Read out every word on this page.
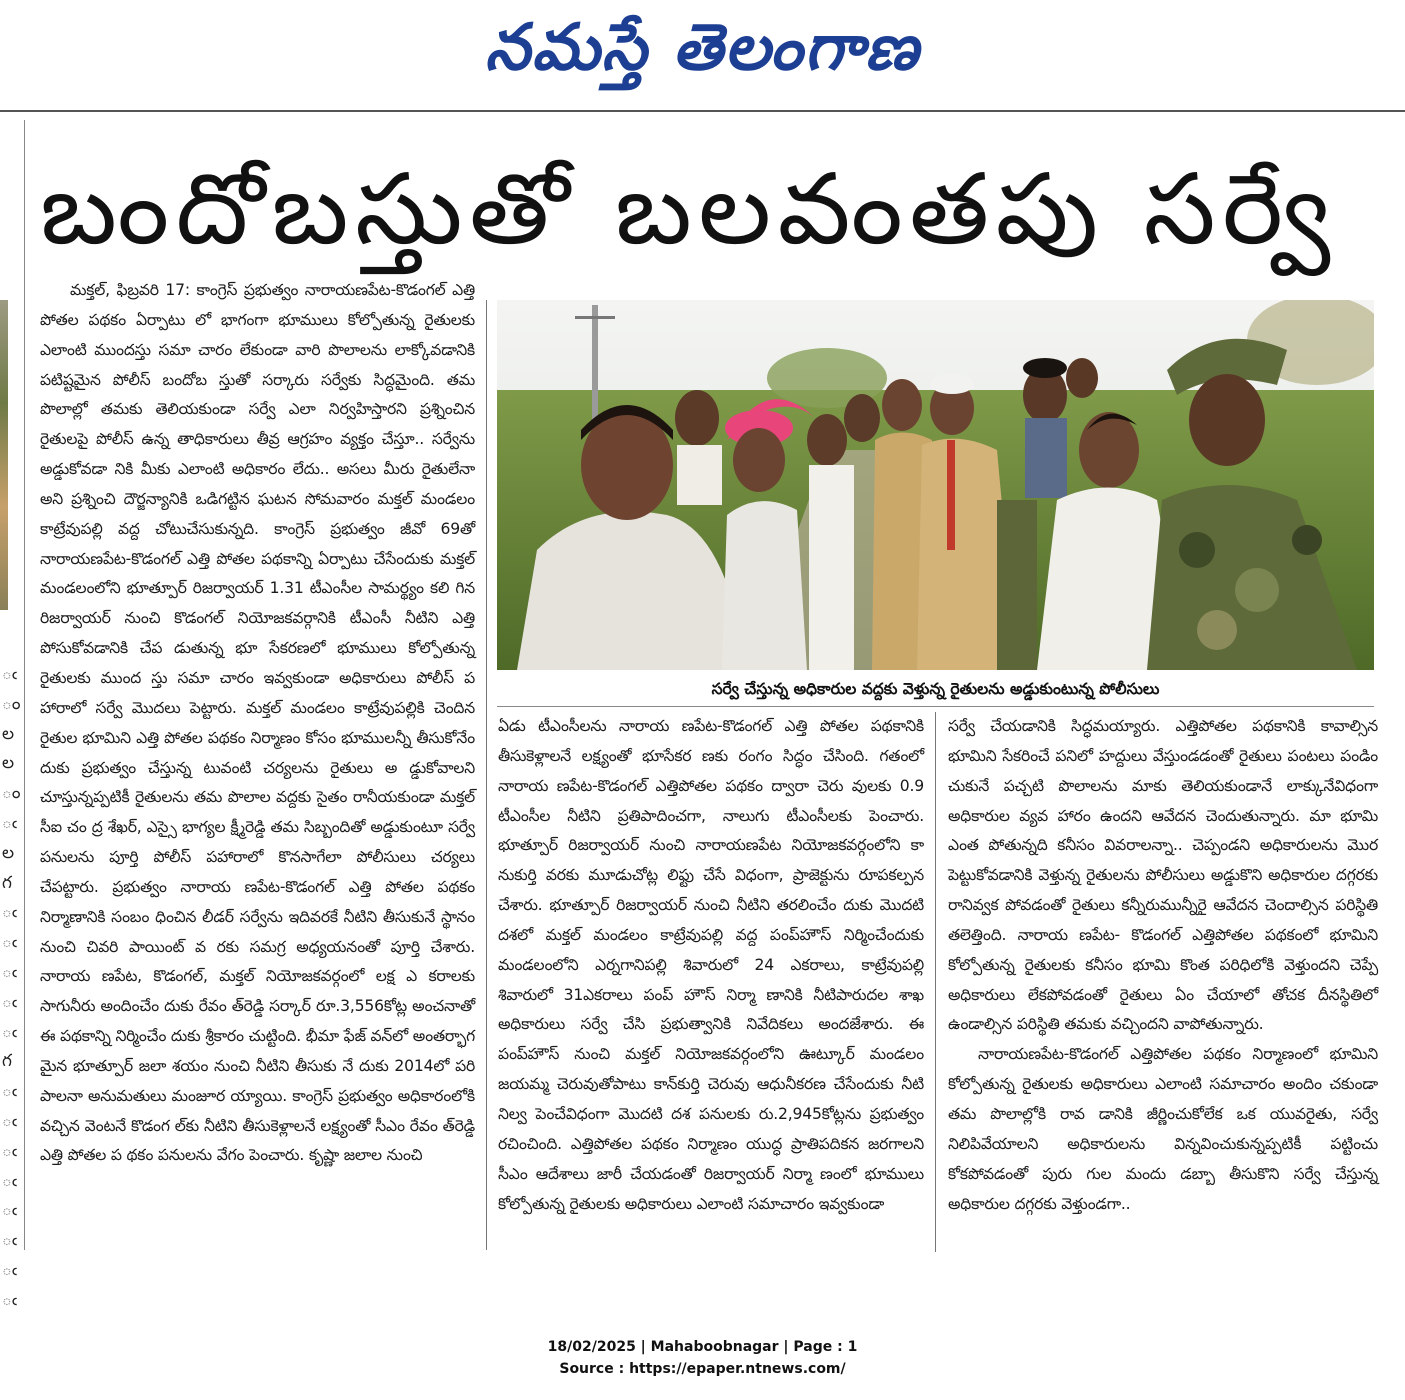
నమస్తే తెలంగాణ
ఁ
ం
ల
ల
ం
ఁ
ల
గ
ఁ
ఁ
ఁ
ఁ
ఁ
గ
ఁ
ఁ
ఁ
ఁ
ఁ
ఁ
ఁ
ఁ
బందోబస్తుతో బలవంతపు సర్వే

మక్తల్, ఫిబ్రవరి 17: కాంగ్రెస్ ప్రభుత్వం నారాయణపేట-కొడంగల్ ఎత్తి పోతల పథకం ఏర్పాటు లో భాగంగా భూములు కోల్పోతున్న రైతులకు ఎలాంటి ముందస్తు సమా చారం లేకుండా వారి పొలాలను లాక్కోవడానికి పటిష్టమైన పోలీస్ బందోబ స్తుతో సర్కారు సర్వేకు సిద్ధమైంది. తమ పొలాల్లో తమకు తెలియకుండా సర్వే ఎలా నిర్వహిస్తారని ప్రశ్నించిన రైతులపై పోలీస్ ఉన్న తాధికారులు తీవ్ర ఆగ్రహం వ్యక్తం చేస్తూ.. సర్వేను అడ్డుకోవడా నికి మీకు ఎలాంటి అధికారం లేదు.. అసలు మీరు రైతులేనా అని ప్రశ్నించి దౌర్జన్యానికి ఒడిగట్టిన ఘటన సోమవారం మక్తల్ మండలం కాట్రేవుపల్లి వద్ద చోటుచేసుకున్నది. కాంగ్రెస్ ప్రభుత్వం జీవో 69తో నారాయణపేట-కొడంగల్ ఎత్తి పోతల పథకాన్ని ఏర్పాటు చేసేందుకు మక్తల్ మండలంలోని భూత్పూర్ రిజర్వాయర్ 1.31 టీఎంసీల సామర్థ్యం కలి గిన రిజర్వాయర్ నుంచి కొడంగల్ నియోజకవర్గానికి టీఎంసీ నీటిని ఎత్తి పోసుకోవడానికి చేప డుతున్న భూ సేకరణలో భూములు కోల్పోతున్న రైతులకు ముంద స్తు సమా చారం ఇవ్వకుండా అధికారులు పోలీస్ ప హారాలో సర్వే మొదలు పెట్టారు. మక్తల్ మండలం కాట్రేవుపల్లికి చెందిన రైతుల భూమిని ఎత్తి పోతల పథకం నిర్మాణం కోసం భూములన్నీ తీసుకోనేం దుకు ప్రభుత్వం చేస్తున్న టువంటి చర్యలను రైతులు అ డ్డుకోవాలని చూస్తున్నప్పటికీ రైతులను తమ పొలాల వద్దకు సైతం రానీయకుండా మక్తల్ సీఐ చం ద్ర శేఖర్, ఎస్సై భాగ్యల క్ష్మీరెడ్డి తమ సిబ్బందితో అడ్డుకుంటూ సర్వే పనులను పూర్తి పోలీస్ పహారాలో కొనసాగేలా పోలీసులు చర్యలు చేపట్టారు. ప్రభుత్వం నారాయ ణపేట-కొడంగల్ ఎత్తి పోతల పథకం నిర్మాణానికి సంబం ధించిన లీడర్ సర్వేను ఇదివరకే నీటిని తీసుకునే స్థానం నుంచి చివరి పాయింట్ వ రకు సమగ్ర అధ్యయనంతో పూర్తి చేశారు. నారాయ ణపేట, కొడంగల్, మక్తల్ నియోజకవర్గంలో లక్ష ఎ కరాలకు సాగునీరు అందించేం దుకు రేవం త్‌రెడ్డి సర్కార్ రూ.3,556కోట్ల అంచనాతో ఈ పథకాన్ని నిర్మించేం దుకు శ్రీకారం చుట్టింది. భీమా ఫేజ్ వన్‌లో అంతర్భాగ మైన భూత్పూర్ జలా శయం నుంచి నీటిని తీసుకు నే దుకు 2014లో పరి పాలనా అనుమతులు మంజూర య్యాయి. కాంగ్రెస్ ప్రభుత్వం అధికారంలోకి వచ్చిన వెంటనే కొడంగ ల్‌కు నీటిని తీసుకెళ్లాలనే లక్ష్యంతో సీఎం రేవం త్‌రెడ్డి ఎత్తి పోతల ప థకం పనులను వేగం పెంచారు. కృష్ణా జలాల నుంచి

సర్వే చేస్తున్న అధికారుల వద్దకు వెళ్తున్న రైతులను అడ్డుకుంటున్న పోలీసులు

ఏడు టీఎంసీలను నారాయ ణపేట-కొడంగల్ ఎత్తి పోతల పథకానికి తీసుకెళ్లాలనే లక్ష్యంతో భూసేకర ణకు రంగం సిద్ధం చేసింది. గతంలో నారాయ ణపేట-కొడంగల్ ఎత్తిపోతల పథకం ద్వారా చెరు వులకు 0.9 టీఎంసీల నీటిని ప్రతిపాదించగా, నాలుగు టీఎంసీలకు పెంచారు. భూత్పూర్ రిజర్వాయర్ నుంచి నారాయణపేట నియోజకవర్గంలోని కా నుకుర్తి వరకు మూడుచోట్ల లిఫ్టు చేసే విధంగా, ప్రాజెక్టును రూపకల్పన చేశారు. భూత్పూర్ రిజర్వాయర్ నుంచి నీటిని తరలించేం దుకు మొదటి దశలో మక్తల్ మండలం కాట్రేవుపల్లి వద్ద పంప్‌హౌస్ నిర్మించేందుకు మండలంలోని ఎర్నగానిపల్లి శివారులో 24 ఎకరాలు, కాట్రేవుపల్లి శివారులో 31ఎకరాలు పంప్ హౌస్ నిర్మా ణానికి నీటిపారుదల శాఖ అధికారులు సర్వే చేసి ప్రభుత్వానికి నివేదికలు అందజేశారు. ఈ పంప్‌హౌస్ నుంచి మక్తల్ నియోజకవర్గంలోని ఊట్కూర్ మండలం జయమ్మ చెరువుతోపాటు కాన్‌కుర్తి చెరువు ఆధునీకరణ చేసేందుకు నీటి నిల్వ పెంచేవిధంగా మొదటి దశ పనులకు రు.2,945కోట్లను ప్రభుత్వం రచించింది. ఎత్తిపోతల పథకం నిర్మాణం యుద్ధ ప్రాతిపదికన జరగాలని సీఎం ఆదేశాలు జారీ చేయడంతో రిజర్వాయర్ నిర్మా ణంలో భూములు కోల్పోతున్న రైతులకు అధికారులు ఎలాంటి సమాచారం ఇవ్వకుండా

సర్వే చేయడానికి సిద్ధమయ్యారు. ఎత్తిపోతల పథకానికి కావాల్సిన భూమిని సేకరించే పనిలో హద్దులు వేస్తుండడంతో రైతులు పంటలు పండిం చుకునే పచ్చటి పొలాలను మాకు తెలియకుండానే లాక్కునేవిధంగా అధికారుల వ్యవ హారం ఉందని ఆవేదన చెందుతున్నారు. మా భూమి ఎంత పోతున్నది కనీసం వివరాలన్నా.. చెప్పండని అధికారులను మొర పెట్టుకోవడానికి వెళ్తున్న రైతులను పోలీసులు అడ్డుకొని అధికారుల దగ్గరకు రానివ్వక పోవడంతో రైతులు కన్నీరుమున్నీరై ఆవేదన చెందాల్సిన పరిస్థితి తలెత్తింది. నారాయ ణపేట- కొడంగల్ ఎత్తిపోతల పథకంలో భూమిని కోల్పోతున్న రైతులకు కనీసం భూమి కొంత పరిధిలోకి వెళ్తుందని చెప్పే అధికారులు లేకపోవడంతో రైతులు ఏం చేయాలో తోచక దీనస్థితిలో ఉండాల్సిన పరిస్థితి తమకు వచ్చిందని వాపోతున్నారు.

నారాయణపేట-కొడంగల్ ఎత్తిపోతల పథకం నిర్మాణంలో భూమిని కోల్పోతున్న రైతులకు అధికారులు ఎలాంటి సమాచారం అందిం చకుండా తమ పొలాల్లోకి రావ డానికి జీర్ణించుకోలేక ఒక యువరైతు, సర్వే నిలిపివేయాలని అధికారులను విన్నవించుకున్నప్పటికీ పట్టించు కోకపోవడంతో పురు గుల మందు డబ్బా తీసుకొని సర్వే చేస్తున్న అధికారుల దగ్గరకు వెళ్తుండగా..

18/02/2025 | Mahaboobnagar | Page : 1
Source : https://epaper.ntnews.com/
